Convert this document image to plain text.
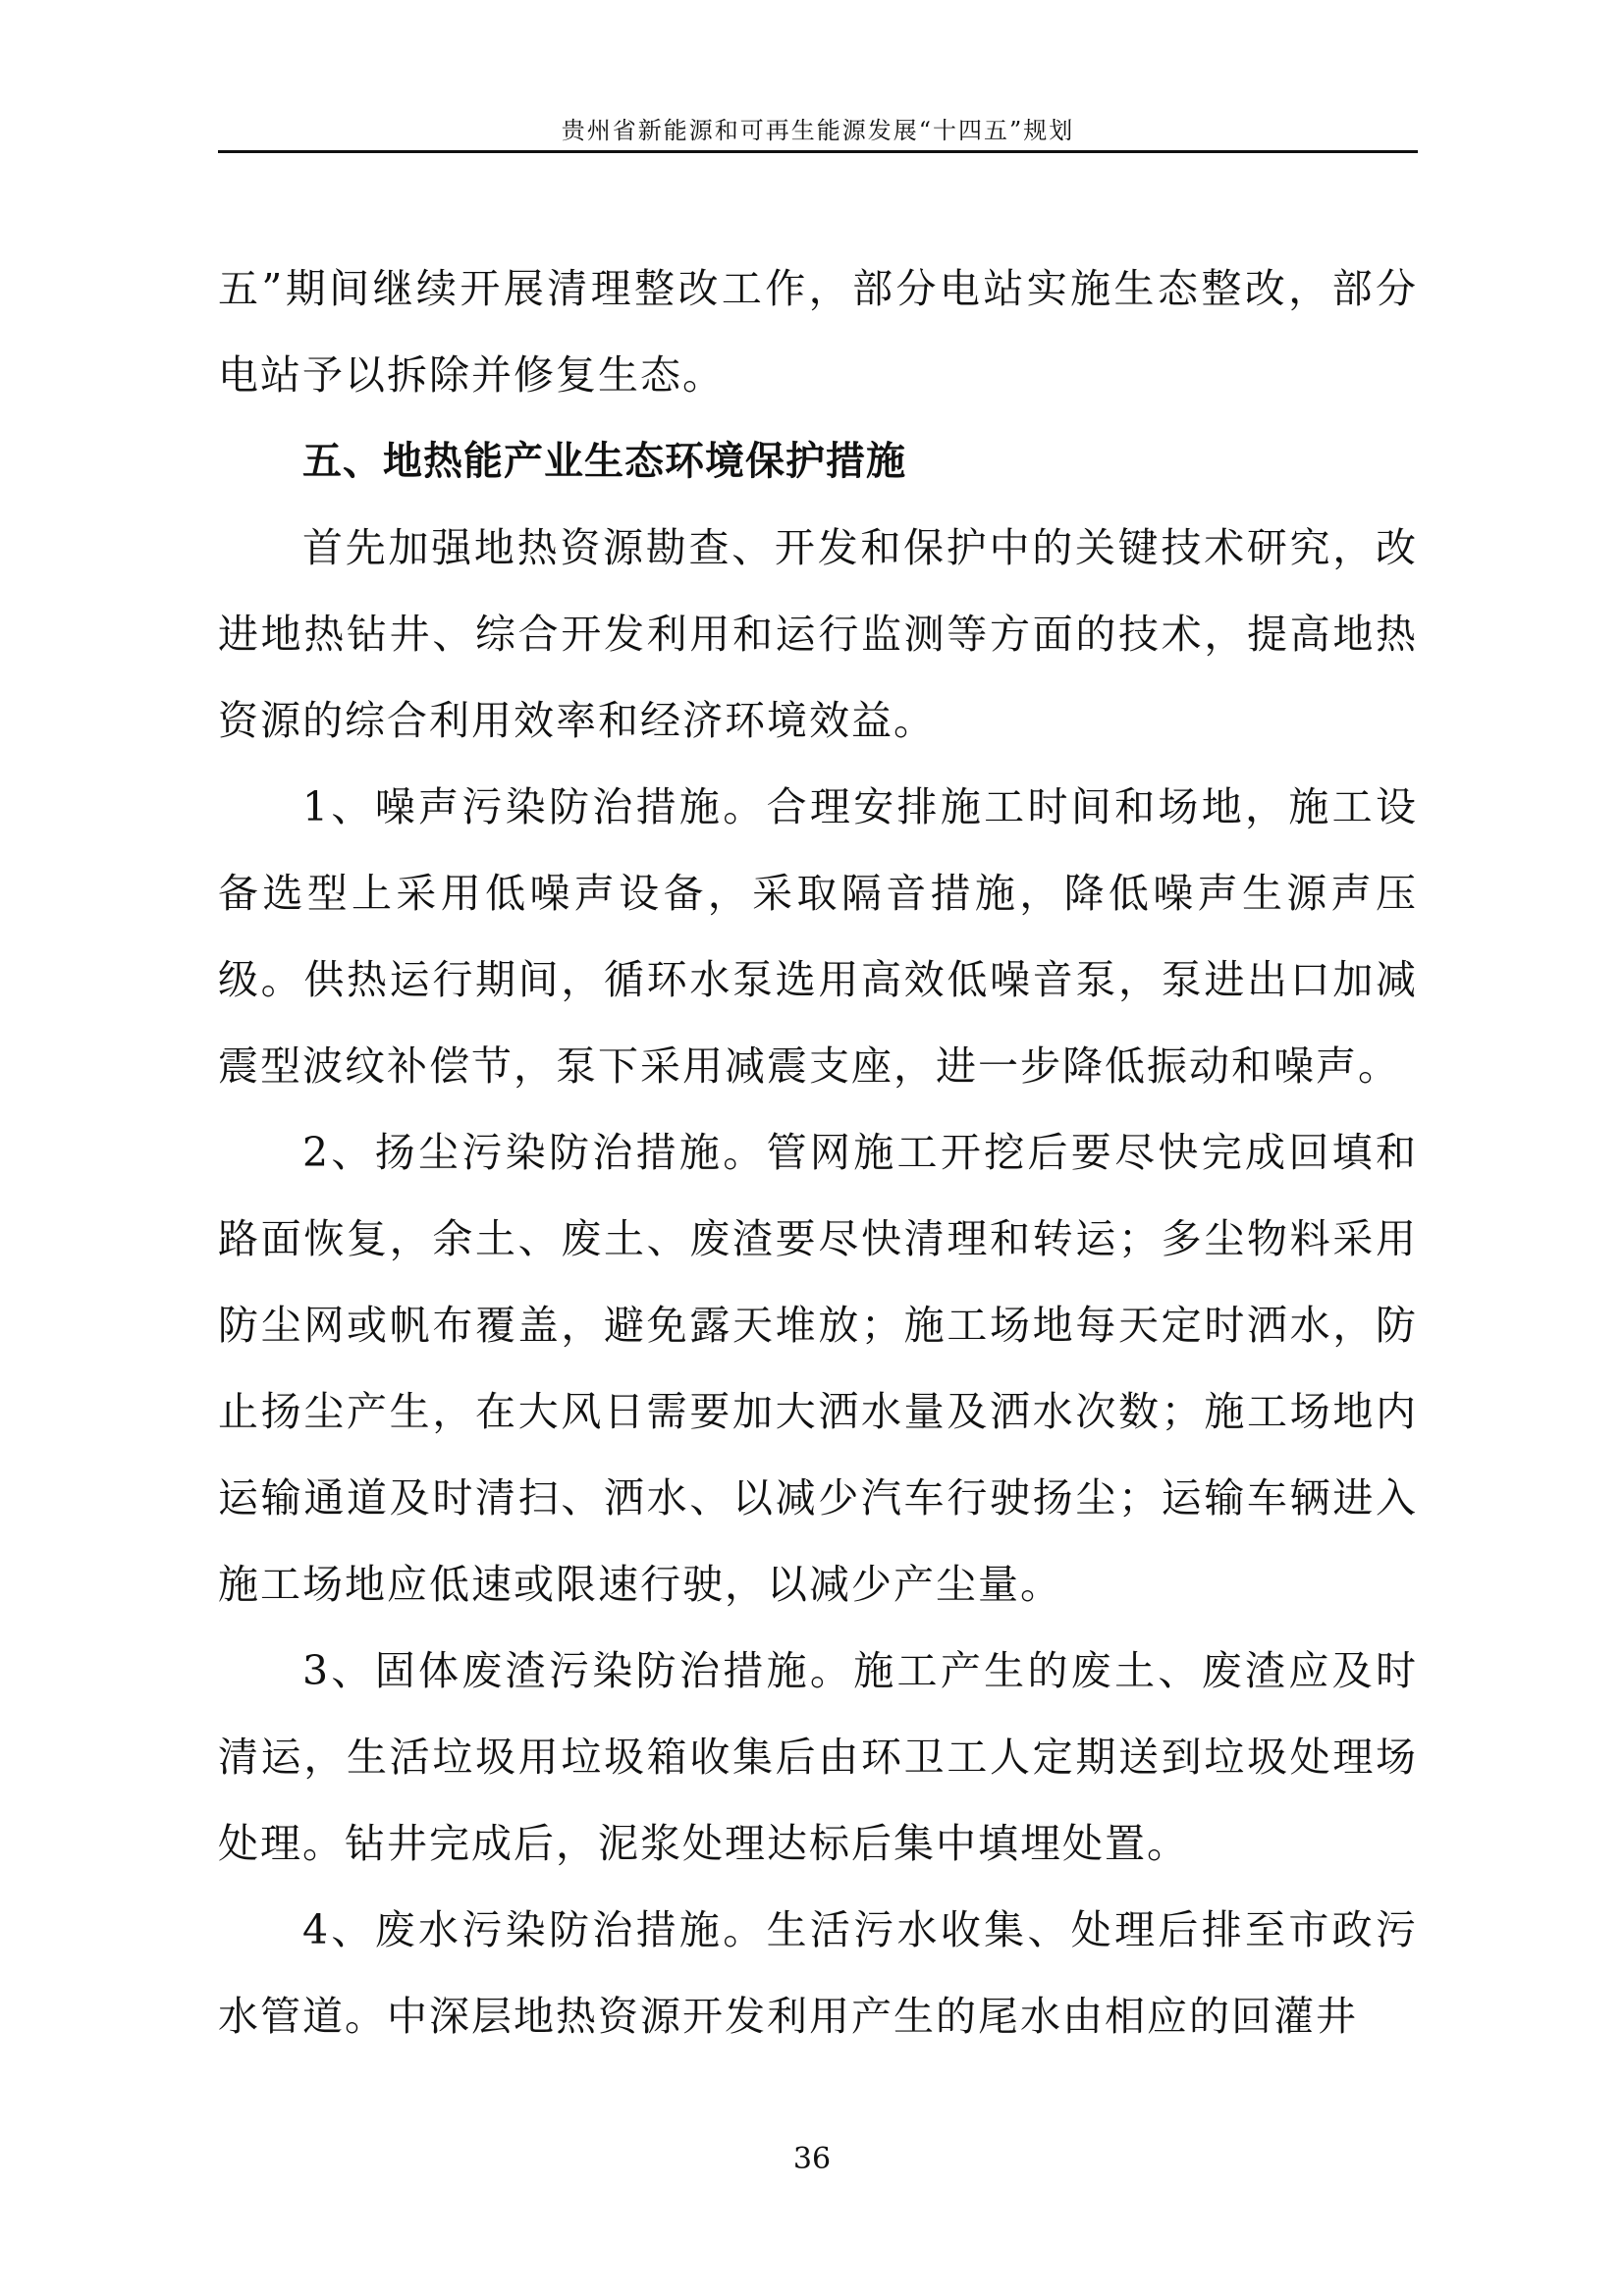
贵州省新能源和可再生能源发展“十四五”规划

五”期间继续开展清理整改工作，部分电站实施生态整改，部分电站予以拆除并修复生态。

五、地热能产业生态环境保护措施

首先加强地热资源勘查、开发和保护中的关键技术研究，改进地热钻井、综合开发利用和运行监测等方面的技术，提高地热资源的综合利用效率和经济环境效益。

1、噪声污染防治措施。合理安排施工时间和场地，施工设备选型上采用低噪声设备，采取隔音措施，降低噪声生源声压级。供热运行期间，循环水泵选用高效低噪音泵，泵进出口加减震型波纹补偿节，泵下采用减震支座，进一步降低振动和噪声。

2、扬尘污染防治措施。管网施工开挖后要尽快完成回填和路面恢复，余土、废土、废渣要尽快清理和转运；多尘物料采用防尘网或帆布覆盖，避免露天堆放；施工场地每天定时洒水，防止扬尘产生，在大风日需要加大洒水量及洒水次数；施工场地内运输通道及时清扫、洒水、以减少汽车行驶扬尘；运输车辆进入施工场地应低速或限速行驶，以减少产尘量。

3、固体废渣污染防治措施。施工产生的废土、废渣应及时清运，生活垃圾用垃圾箱收集后由环卫工人定期送到垃圾处理场处理。钻井完成后，泥浆处理达标后集中填埋处置。

4、废水污染防治措施。生活污水收集、处理后排至市政污水管道。中深层地热资源开发利用产生的尾水由相应的回灌井

36
